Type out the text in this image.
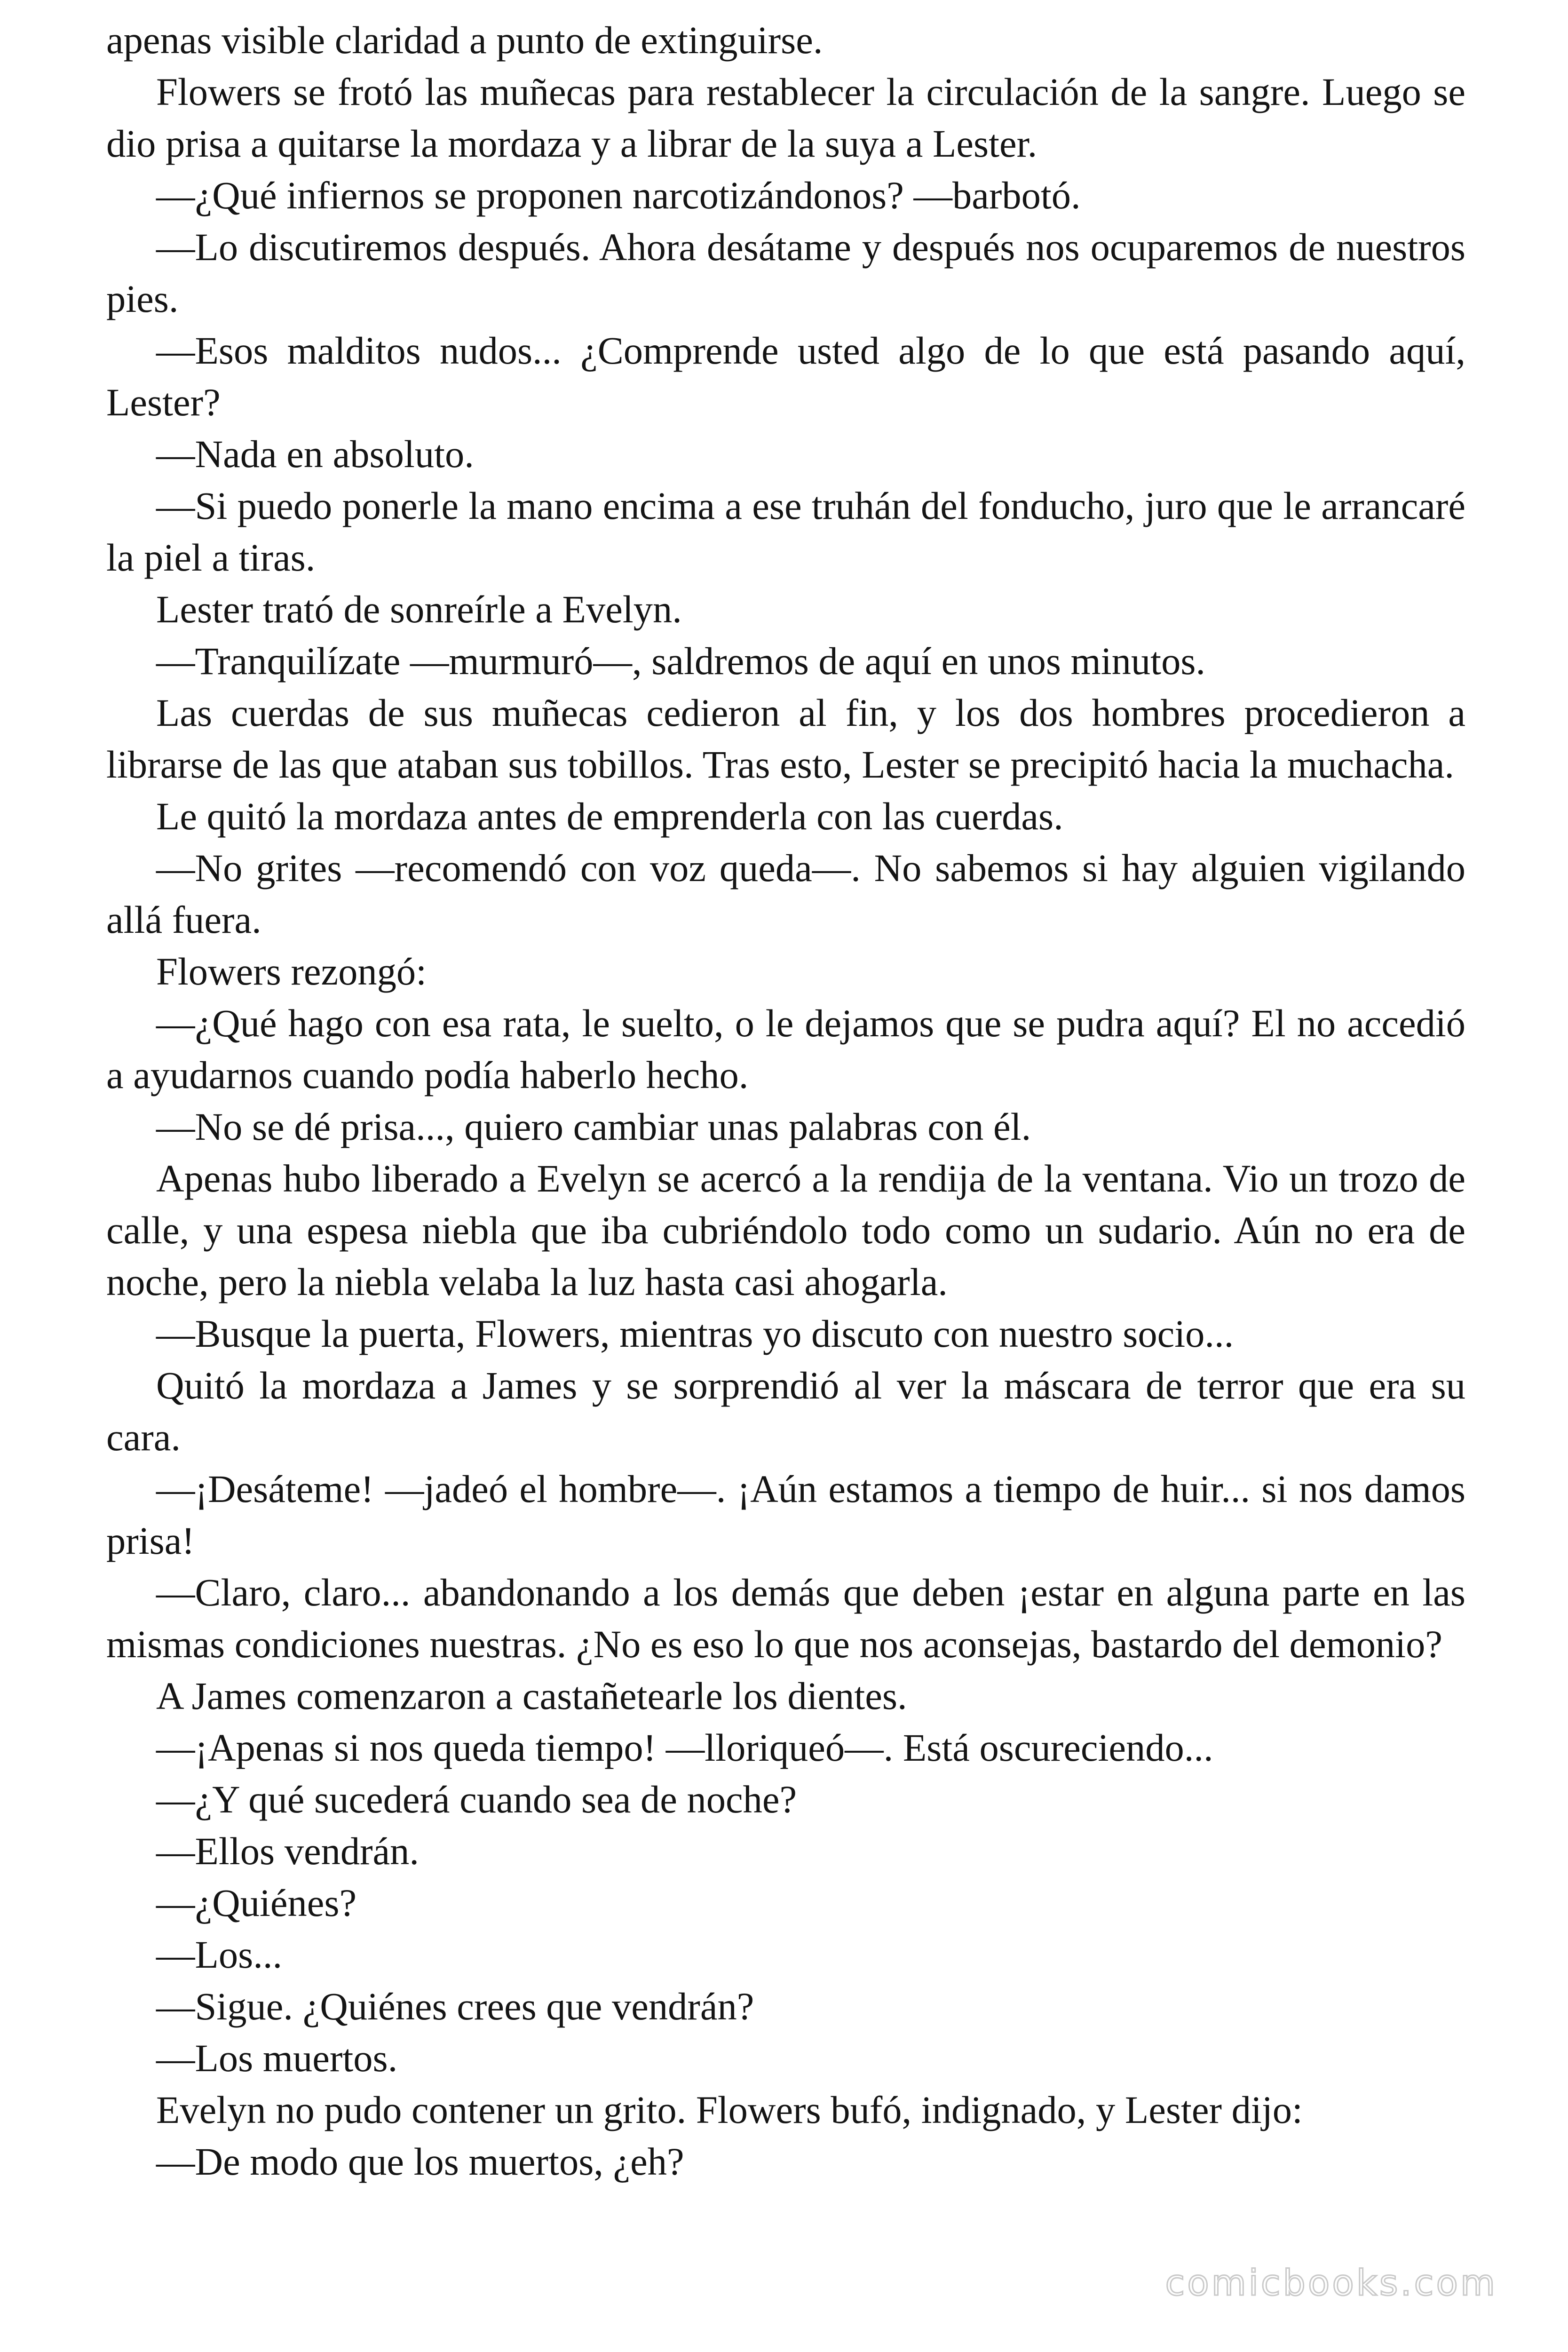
apenas visible claridad a punto de extinguirse.

Flowers se frotó las muñecas para restablecer la circulación de la sangre. Luego se dio prisa a quitarse la mordaza y a librar de la suya a Lester.

—¿Qué infiernos se proponen narcotizándonos? —barbotó.

—Lo discutiremos después. Ahora desátame y después nos ocuparemos de nuestros pies.

—Esos malditos nudos... ¿Comprende usted algo de lo que está pasando aquí, Lester?

—Nada en absoluto.

—Si puedo ponerle la mano encima a ese truhán del fonducho, juro que le arrancaré la piel a tiras.

Lester trató de sonreírle a Evelyn.

—Tranquilízate —murmuró—, saldremos de aquí en unos minutos.

Las cuerdas de sus muñecas cedieron al fin, y los dos hombres procedieron a librarse de las que ataban sus tobillos. Tras esto, Lester se precipitó hacia la muchacha.

Le quitó la mordaza antes de emprenderla con las cuerdas.

—No grites —recomendó con voz queda—. No sabemos si hay alguien vigilando allá fuera.

Flowers rezongó:

—¿Qué hago con esa rata, le suelto, o le dejamos que se pudra aquí? El no accedió a ayudarnos cuando podía haberlo hecho.

—No se dé prisa..., quiero cambiar unas palabras con él.

Apenas hubo liberado a Evelyn se acercó a la rendija de la ventana. Vio un trozo de calle, y una espesa niebla que iba cubriéndolo todo como un sudario. Aún no era de noche, pero la niebla velaba la luz hasta casi ahogarla.

—Busque la puerta, Flowers, mientras yo discuto con nuestro socio...

Quitó la mordaza a James y se sorprendió al ver la máscara de terror que era su cara.

—¡Desáteme! —jadeó el hombre—. ¡Aún estamos a tiempo de huir... si nos damos prisa!

—Claro, claro... abandonando a los demás que deben ¡estar en alguna parte en las mismas condiciones nuestras. ¿No es eso lo que nos aconsejas, bastardo del demonio?

A James comenzaron a castañetearle los dientes.

—¡Apenas si nos queda tiempo! —lloriqueó—. Está oscureciendo...

—¿Y qué sucederá cuando sea de noche?

—Ellos vendrán.

—¿Quiénes?

—Los...

—Sigue. ¿Quiénes crees que vendrán?

—Los muertos.

Evelyn no pudo contener un grito. Flowers bufó, indignado, y Lester dijo:

—De modo que los muertos, ¿eh?

comicbooks.com
